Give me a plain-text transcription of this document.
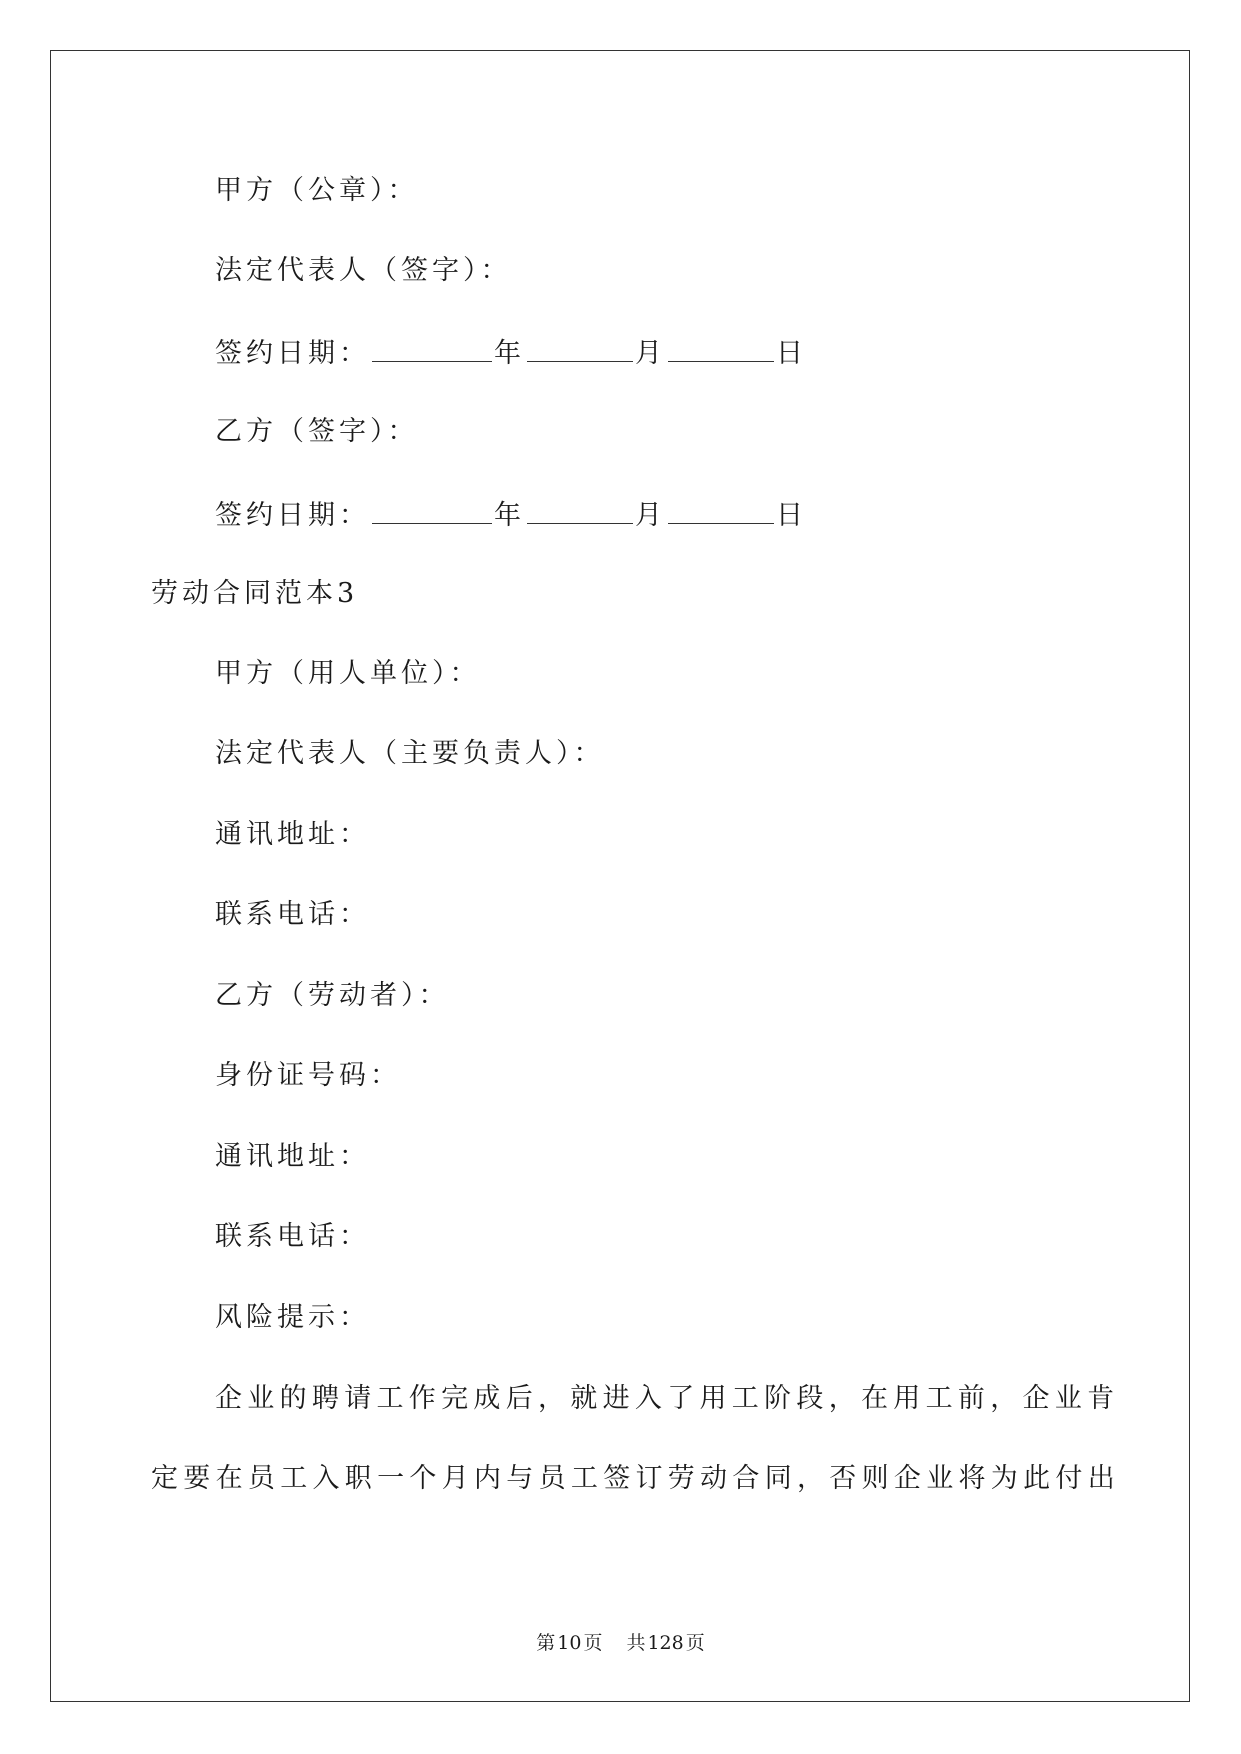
甲方（公章）：
法定代表人（签字）：
签约日期：	年	月	日
乙方（签字）：
签约日期：	年	月	日
劳动合同范本3
甲方（用人单位）：
法定代表人（主要负责人）：
通讯地址：
联系电话：
乙方（劳动者）：
身份证号码：
通讯地址：
联系电话：
风险提示：
企业的聘请工作完成后，就进入了用工阶段，在用工前，企业肯
定要在员工入职一个月内与员工签订劳动合同，否则企业将为此付出
第 10 页 共 128 页
